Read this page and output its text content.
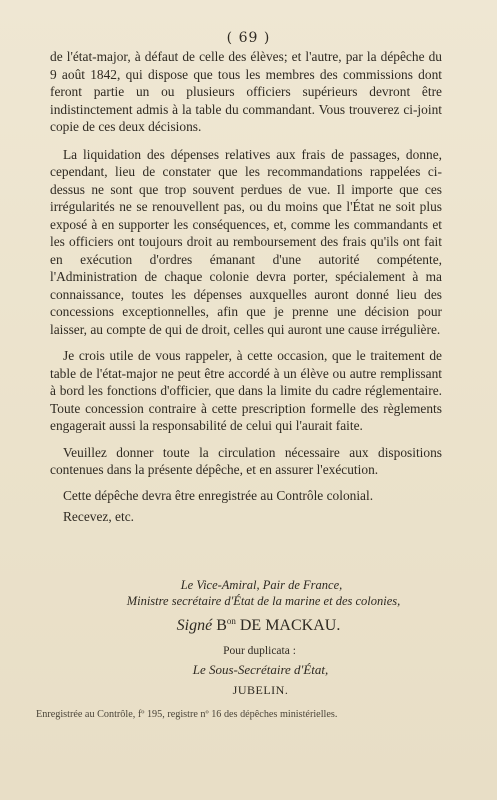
( 69 )

de l'état-major, à défaut de celle des élèves; et l'autre, par la dépêche du 9 août 1842, qui dispose que tous les membres des commissions dont feront partie un ou plusieurs officiers supérieurs devront être indistinctement admis à la table du commandant. Vous trouverez ci-joint copie de ces deux décisions.

La liquidation des dépenses relatives aux frais de passages, donne, cependant, lieu de constater que les recommandations rappelées ci-dessus ne sont que trop souvent perdues de vue. Il importe que ces irrégularités ne se renouvellent pas, ou du moins que l'État ne soit plus exposé à en supporter les conséquences, et, comme les commandants et les officiers ont toujours droit au remboursement des frais qu'ils ont fait en exécution d'ordres émanant d'une autorité compétente, l'Administration de chaque colonie devra porter, spécialement à ma connaissance, toutes les dépenses auxquelles auront donné lieu des concessions exceptionnelles, afin que je prenne une décision pour laisser, au compte de qui de droit, celles qui auront une cause irrégulière.

Je crois utile de vous rappeler, à cette occasion, que le traitement de table de l'état-major ne peut être accordé à un élève ou autre remplissant à bord les fonctions d'officier, que dans la limite du cadre réglementaire. Toute concession contraire à cette prescription formelle des règlements engagerait aussi la responsabilité de celui qui l'aurait faite.

Veuillez donner toute la circulation nécessaire aux dispositions contenues dans la présente dépêche, et en assurer l'exécution.

Cette dépêche devra être enregistrée au Contrôle colonial.

Recevez, etc.

Le Vice-Amiral, Pair de France,
Ministre secrétaire d'État de la marine et des colonies,
Signé $B^{on}$ DE MACKAU.
Pour duplicata :
Le Sous-Secrétaire d'État,
JUBELIN.
Enregistrée au Contrôle, fº 195, registre nº 16 des dépêches ministérielles.
